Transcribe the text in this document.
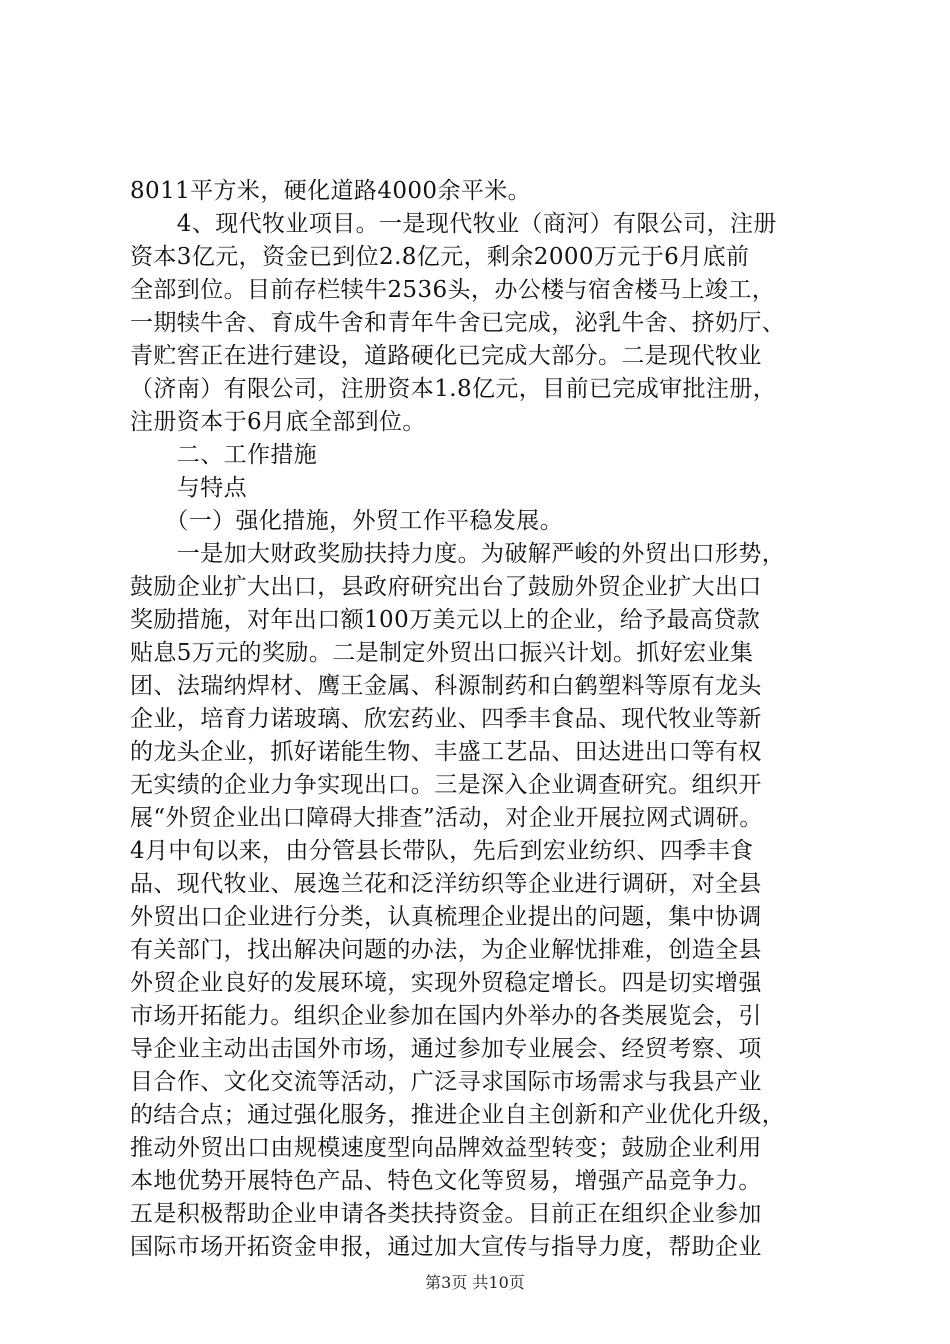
8011平方米，硬化道路4000余平米。
　　4、现代牧业项目。一是现代牧业（商河）有限公司，注册
资本3亿元，资金已到位2.8亿元，剩余2000万元于6月底前
全部到位。目前存栏犊牛2536头，办公楼与宿舍楼马上竣工，
一期犊牛舍、育成牛舍和青年牛舍已完成，泌乳牛舍、挤奶厅、
青贮窖正在进行建设，道路硬化已完成大部分。二是现代牧业
（济南）有限公司，注册资本1.8亿元，目前已完成审批注册，
注册资本于6月底全部到位。
　　二、工作措施
　　与特点
　　（一）强化措施，外贸工作平稳发展。
　　一是加大财政奖励扶持力度。为破解严峻的外贸出口形势，
鼓励企业扩大出口，县政府研究出台了鼓励外贸企业扩大出口
奖励措施，对年出口额100万美元以上的企业，给予最高贷款
贴息5万元的奖励。二是制定外贸出口振兴计划。抓好宏业集
团、法瑞纳焊材、鹰王金属、科源制药和白鹤塑料等原有龙头
企业，培育力诺玻璃、欣宏药业、四季丰食品、现代牧业等新
的龙头企业，抓好诺能生物、丰盛工艺品、田达进出口等有权
无实绩的企业力争实现出口。三是深入企业调查研究。组织开
展“外贸企业出口障碍大排查”活动，对企业开展拉网式调研。
4月中旬以来，由分管县长带队，先后到宏业纺织、四季丰食
品、现代牧业、展逸兰花和泛洋纺织等企业进行调研，对全县
外贸出口企业进行分类，认真梳理企业提出的问题，集中协调
有关部门，找出解决问题的办法，为企业解忧排难，创造全县
外贸企业良好的发展环境，实现外贸稳定增长。四是切实增强
市场开拓能力。组织企业参加在国内外举办的各类展览会，引
导企业主动出击国外市场，通过参加专业展会、经贸考察、项
目合作、文化交流等活动，广泛寻求国际市场需求与我县产业
的结合点；通过强化服务，推进企业自主创新和产业优化升级，
推动外贸出口由规模速度型向品牌效益型转变；鼓励企业利用
本地优势开展特色产品、特色文化等贸易，增强产品竞争力。
五是积极帮助企业申请各类扶持资金。目前正在组织企业参加
国际市场开拓资金申报，通过加大宣传与指导力度，帮助企业
第3页 共10页
